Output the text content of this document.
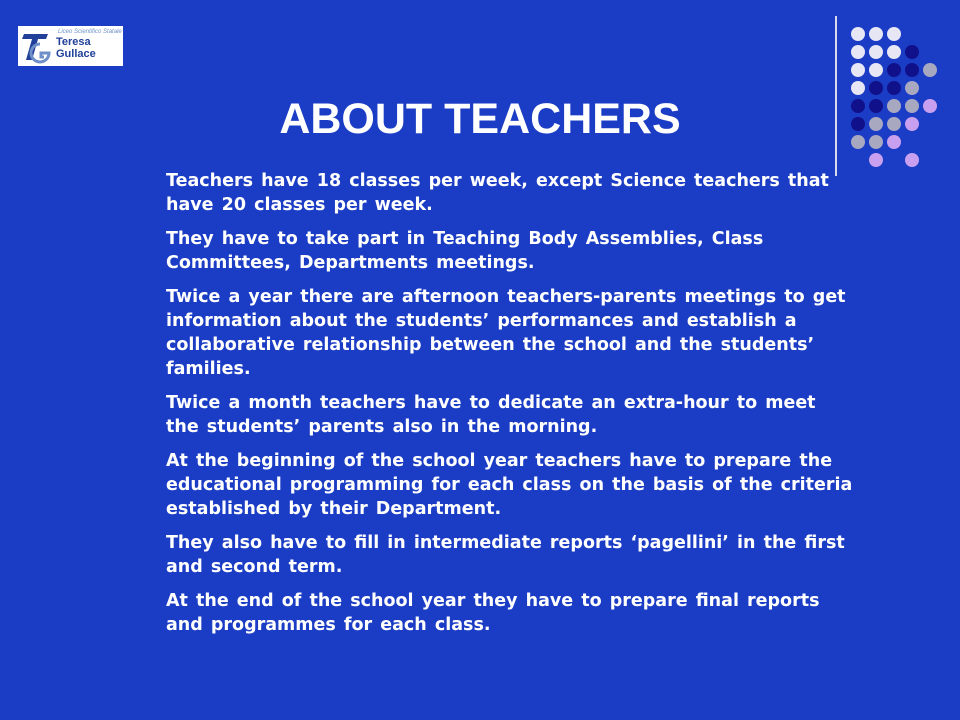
Liceo Scientifico Statale
Teresa
Gullace
ABOUT TEACHERS

Teachers have 18 classes per week, except Science teachers that have 20 classes per week.

They have to take part in Teaching Body Assemblies, Class Committees, Departments meetings.

Twice a year there are afternoon teachers-parents meetings to get information about the students’ performances and establish a collaborative relationship between the school and the students’ families.

Twice a month teachers have to dedicate an extra-hour to meet the students’ parents also in the morning.

At the beginning of the school year teachers have to prepare the educational programming for each class on the basis of the criteria established by their Department.

They also have to fill in intermediate reports ‘pagellini’ in the first and second term.

At the end of the school year they have to prepare final reports and programmes for each class.
